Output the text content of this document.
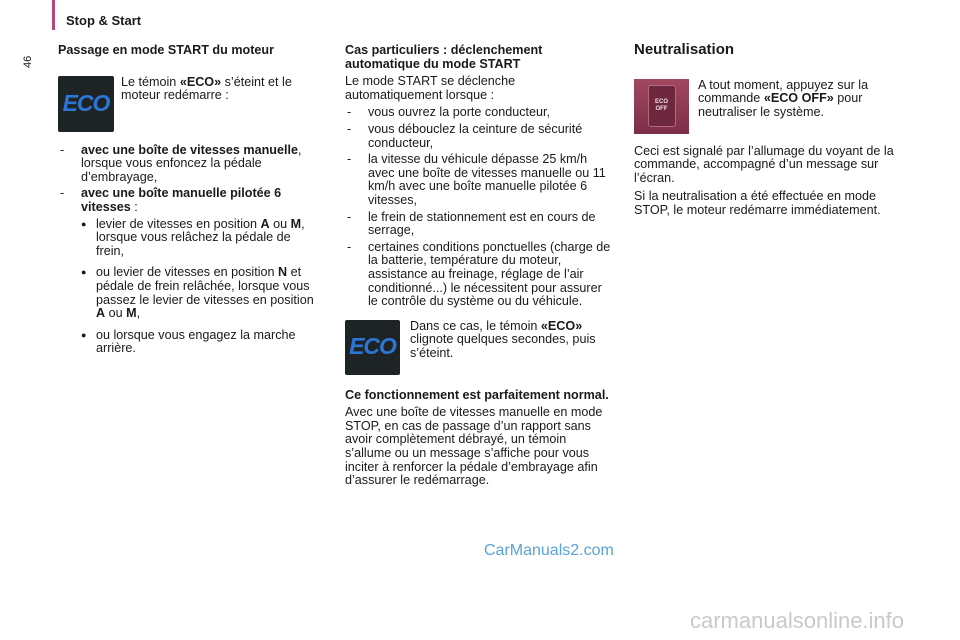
Stop & Start
46

Passage en mode START du moteur

ECO

Le témoin «ECO» s’éteint et le moteur redémarre :

- avec une boîte de vitesses manuelle, lorsque vous enfoncez la pédale d’embrayage,
- avec une boîte manuelle pilotée 6 vitesses :
● levier de vitesses en position A ou M, lorsque vous relâchez la pédale de frein,
● ou levier de vitesses en position N et pédale de frein relâchée, lorsque vous passez le levier de vitesses en position A ou M,
● ou lorsque vous engagez la marche arrière.

Cas particuliers : déclenchement automatique du mode START

Le mode START se déclenche automatiquement lorsque :

- vous ouvrez la porte conducteur,
- vous débouclez la ceinture de sécurité conducteur,
- la vitesse du véhicule dépasse 25 km/h avec une boîte de vitesses manuelle ou 11 km/h avec une boîte manuelle pilotée 6 vitesses,
- le frein de stationnement est en cours de serrage,
- certaines conditions ponctuelles (charge de la batterie, température du moteur, assistance au freinage, réglage de l’air conditionné...) le nécessitent pour assurer le contrôle du système ou du véhicule.
ECO

Dans ce cas, le témoin «ECO» clignote quelques secondes, puis s’éteint.

Ce fonctionnement est parfaitement normal.

Avec une boîte de vitesses manuelle en mode STOP, en cas de passage d’un rapport sans avoir complètement débrayé, un témoin s’allume ou un message s’affiche pour vous inciter à renforcer la pédale d’embrayage afin d’assurer le redémarrage.

Neutralisation

ECO
OFF

A tout moment, appuyez sur la commande «ECO OFF» pour neutraliser le système.

Ceci est signalé par l’allumage du voyant de la commande, accompagné d’un message sur l’écran.

Si la neutralisation a été effectuée en mode STOP, le moteur redémarre immédiatement.

CarManuals2.com
carmanualsonline.info
